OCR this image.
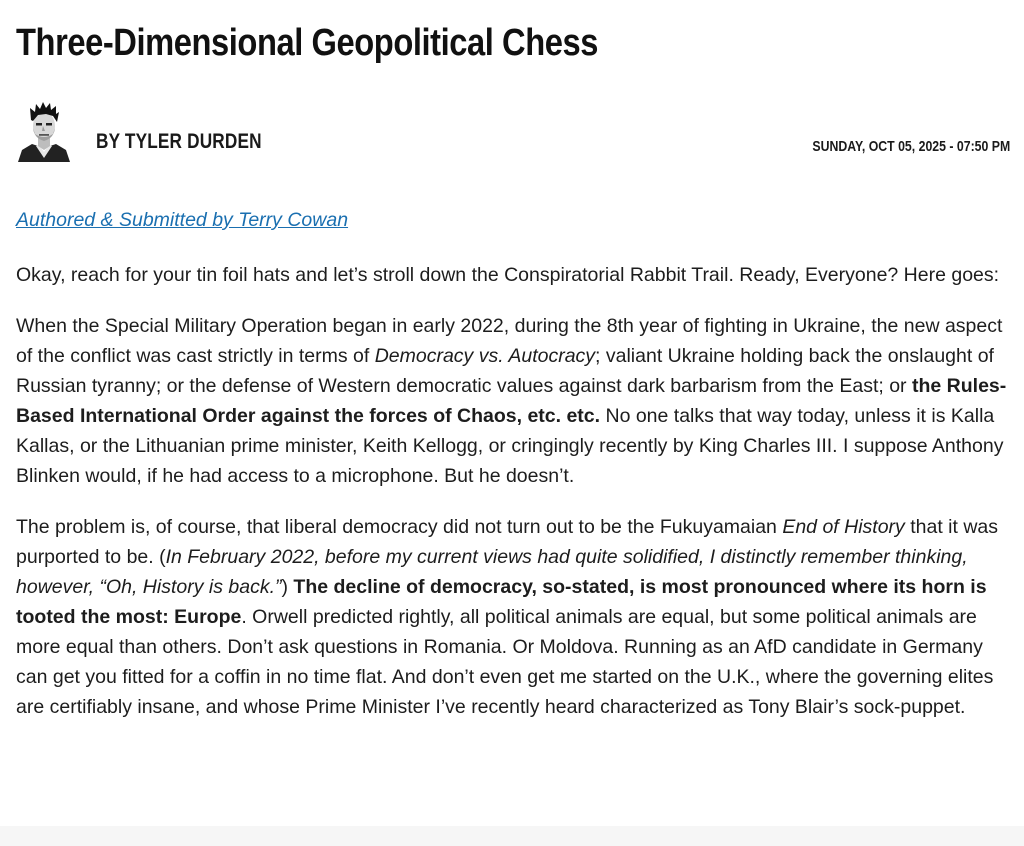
Three-Dimensional Geopolitical Chess
BY TYLER DURDEN	SUNDAY, OCT 05, 2025 - 07:50 PM

Authored & Submitted by Terry Cowan

Okay, reach for your tin foil hats and let’s stroll down the Conspiratorial Rabbit Trail. Ready, Everyone? Here goes:

When the Special Military Operation began in early 2022, during the 8th year of fighting in Ukraine, the new aspect of the conflict was cast strictly in terms of Democracy vs. Autocracy; valiant Ukraine holding back the onslaught of Russian tyranny; or the defense of Western democratic values against dark barbarism from the East; or the Rules-Based International Order against the forces of Chaos, etc. etc. No one talks that way today, unless it is Kalla Kallas, or the Lithuanian prime minister, Keith Kellogg, or cringingly recently by King Charles III. I suppose Anthony Blinken would, if he had access to a microphone. But he doesn’t.

The problem is, of course, that liberal democracy did not turn out to be the Fukuyamaian End of History that it was purported to be. (In February 2022, before my current views had quite solidified, I distinctly remember thinking, however, “Oh, History is back.”) The decline of democracy, so-stated, is most pronounced where its horn is tooted the most: Europe. Orwell predicted rightly, all political animals are equal, but some political animals are more equal than others. Don’t ask questions in Romania. Or Moldova. Running as an AfD candidate in Germany can get you fitted for a coffin in no time flat. And don’t even get me started on the U.K., where the governing elites are certifiably insane, and whose Prime Minister I’ve recently heard characterized as Tony Blair’s sock-puppet.
